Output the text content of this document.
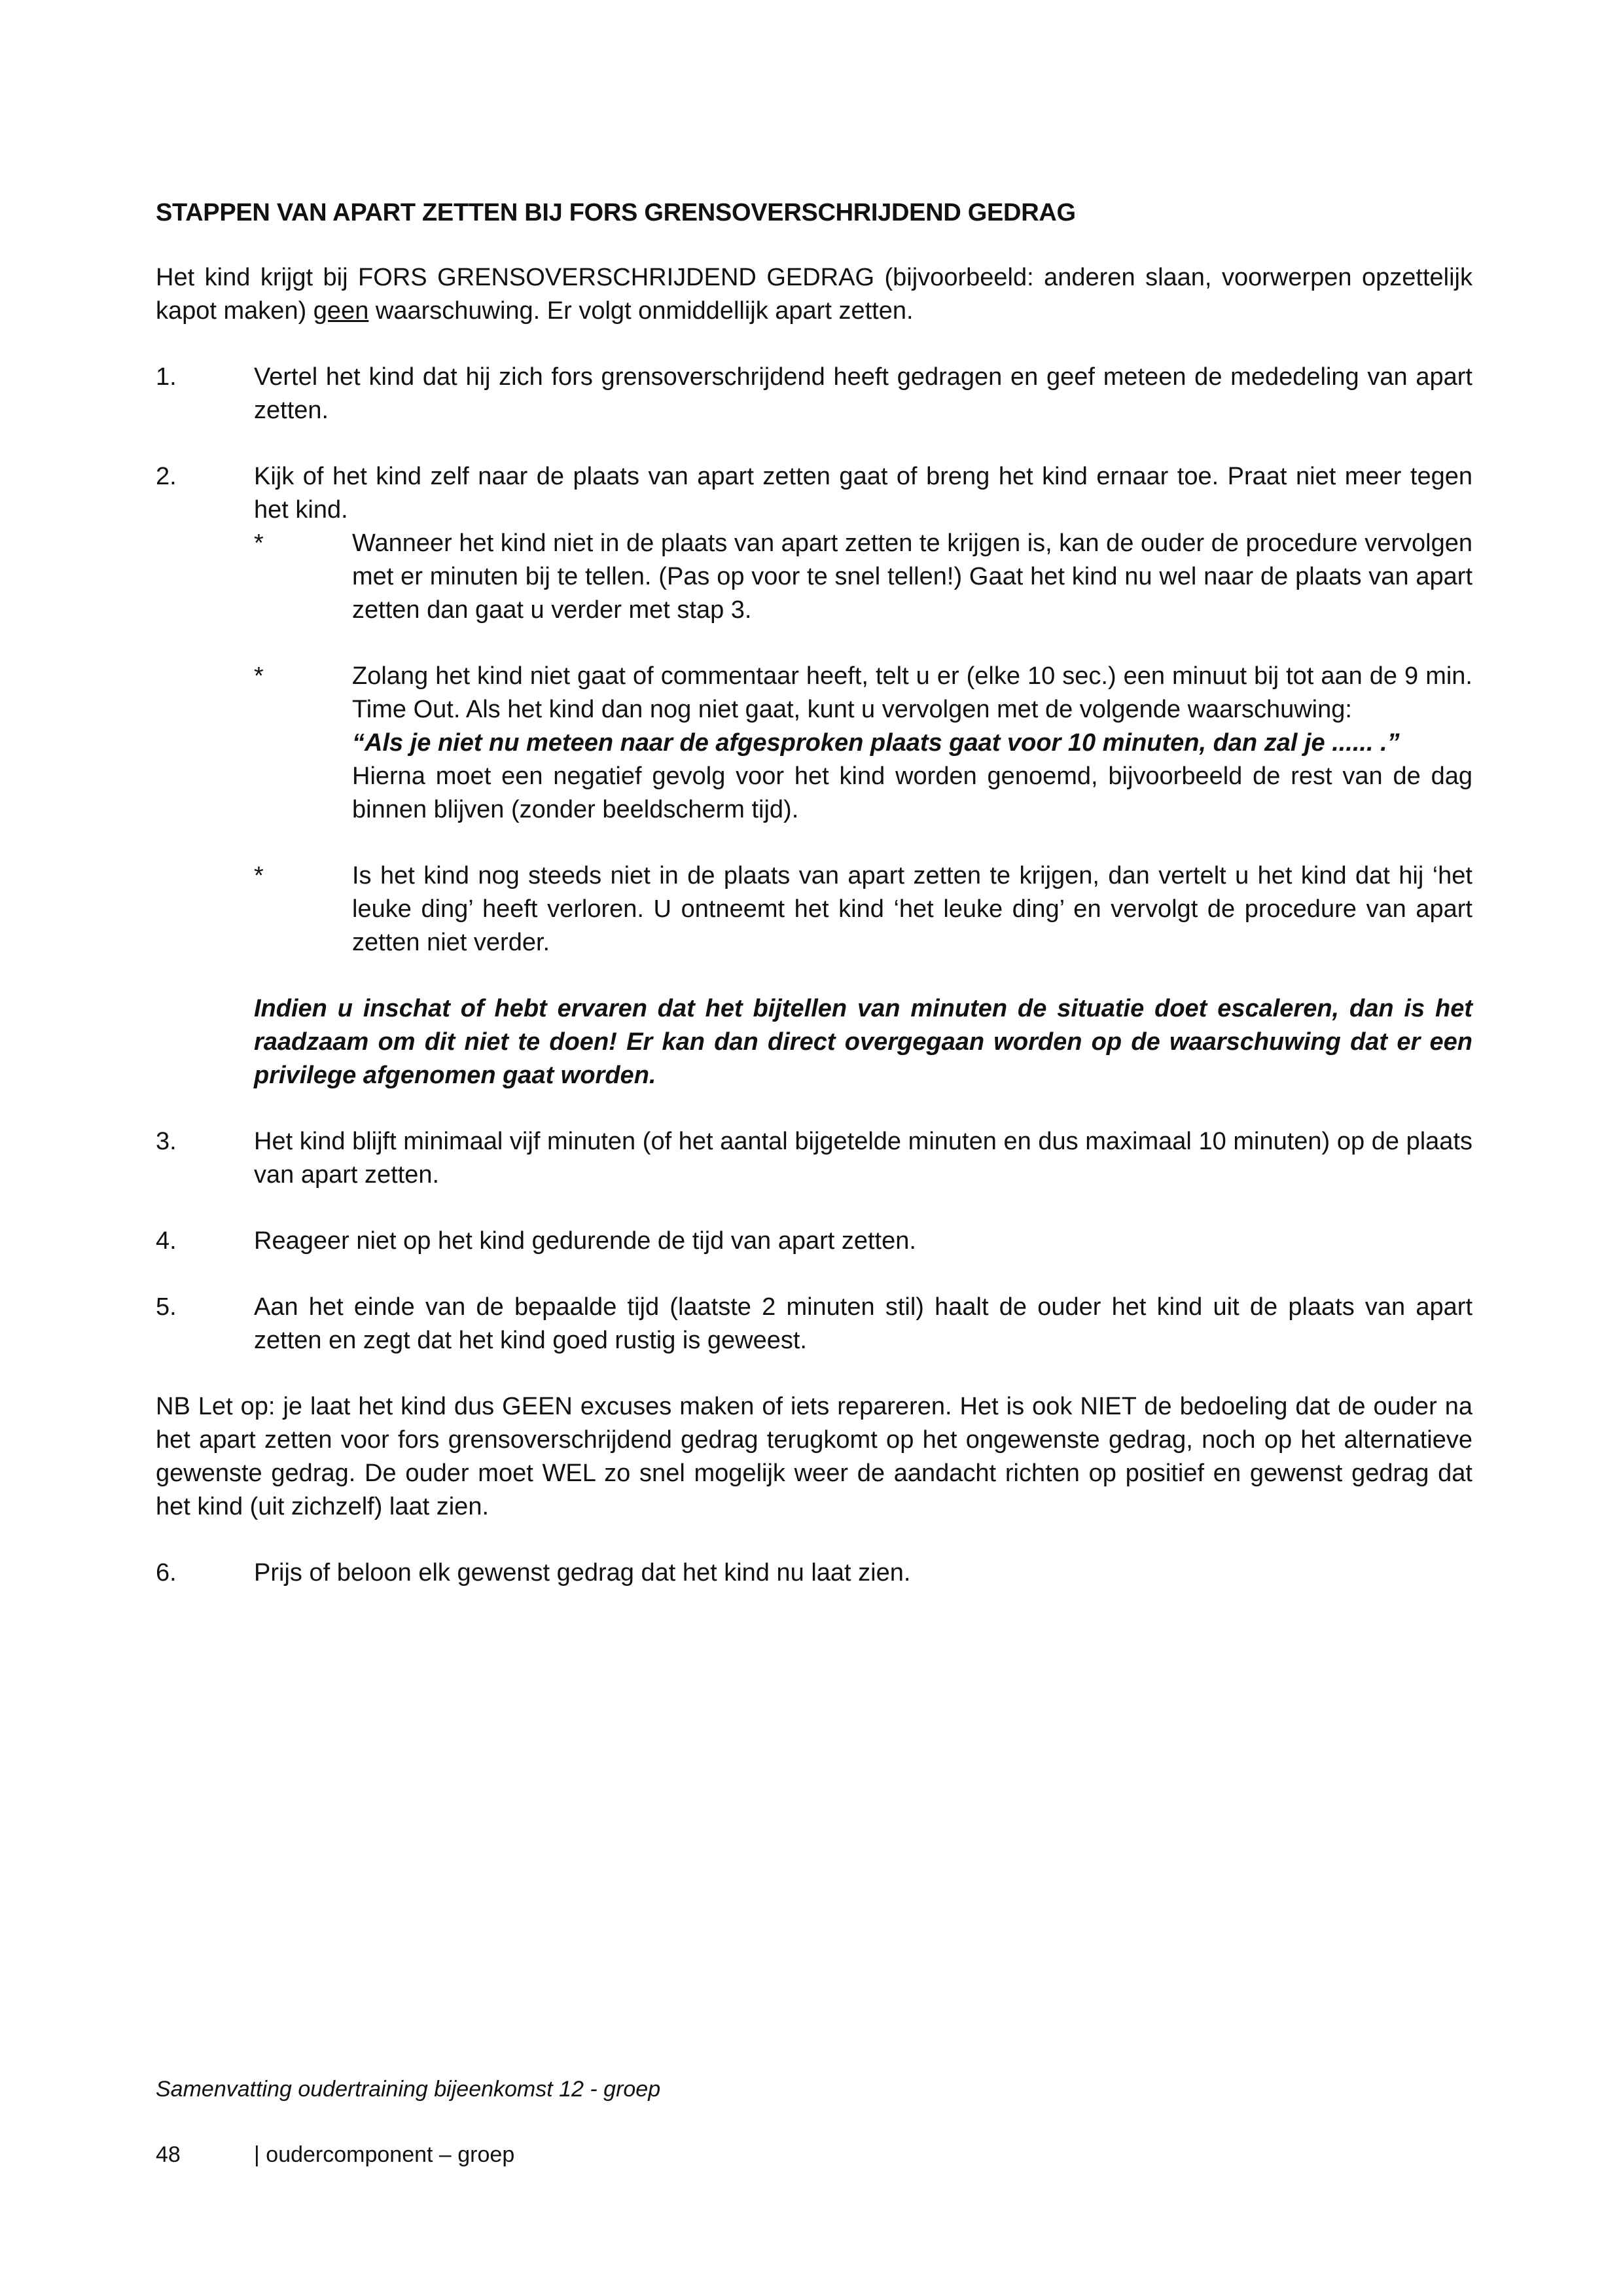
STAPPEN VAN APART ZETTEN BIJ FORS GRENSOVERSCHRIJDEND GEDRAG

Het kind krijgt bij FORS GRENSOVERSCHRIJDEND GEDRAG (bijvoorbeeld: anderen slaan, voorwerpen opzettelijk kapot maken) geen waarschuwing. Er volgt onmiddellijk apart zetten.

1.	Vertel het kind dat hij zich fors grensoverschrijdend heeft gedragen en geef meteen de mededeling van apart zetten.
2.	Kijk of het kind zelf naar de plaats van apart zetten gaat of breng het kind ernaar toe. Praat niet meer tegen het kind.
*	Wanneer het kind niet in de plaats van apart zetten te krijgen is, kan de ouder de procedure vervolgen met er minuten bij te tellen. (Pas op voor te snel tellen!) Gaat het kind nu wel naar de plaats van apart zetten dan gaat u verder met stap 3.
*	Zolang het kind niet gaat of commentaar heeft, telt u er (elke 10 sec.) een minuut bij tot aan de 9 min. Time Out. Als het kind dan nog niet gaat, kunt u vervolgen met de volgende waarschuwing:
“Als je niet nu meteen naar de afgesproken plaats gaat voor 10 minuten, dan zal je ...... .”
Hierna moet een negatief gevolg voor het kind worden genoemd, bijvoorbeeld de rest van de dag binnen blijven (zonder beeldscherm tijd).
*	Is het kind nog steeds niet in de plaats van apart zetten te krijgen, dan vertelt u het kind dat hij ‘het leuke ding’ heeft verloren. U ontneemt het kind ‘het leuke ding’ en vervolgt de procedure van apart zetten niet verder.
Indien u inschat of hebt ervaren dat het bijtellen van minuten de situatie doet escaleren, dan is het raadzaam om dit niet te doen! Er kan dan direct overgegaan worden op de waarschuwing dat er een privilege afgenomen gaat worden.
3.	Het kind blijft minimaal vijf minuten (of het aantal bijgetelde minuten en dus maximaal 10 minuten) op de plaats van apart zetten.
4.	Reageer niet op het kind gedurende de tijd van apart zetten.
5.	Aan het einde van de bepaalde tijd (laatste 2 minuten stil) haalt de ouder het kind uit de plaats van apart zetten en zegt dat het kind goed rustig is geweest.

NB Let op: je laat het kind dus GEEN excuses maken of iets repareren. Het is ook NIET de bedoeling dat de ouder na het apart zetten voor fors grensoverschrijdend gedrag terugkomt op het ongewenste gedrag, noch op het alternatieve gewenste gedrag. De ouder moet WEL zo snel mogelijk weer de aandacht richten op positief en gewenst gedrag dat het kind (uit zichzelf) laat zien.

6.	Prijs of beloon elk gewenst gedrag dat het kind nu laat zien.
Samenvatting oudertraining bijeenkomst 12 - groep
48	| oudercomponent – groep
